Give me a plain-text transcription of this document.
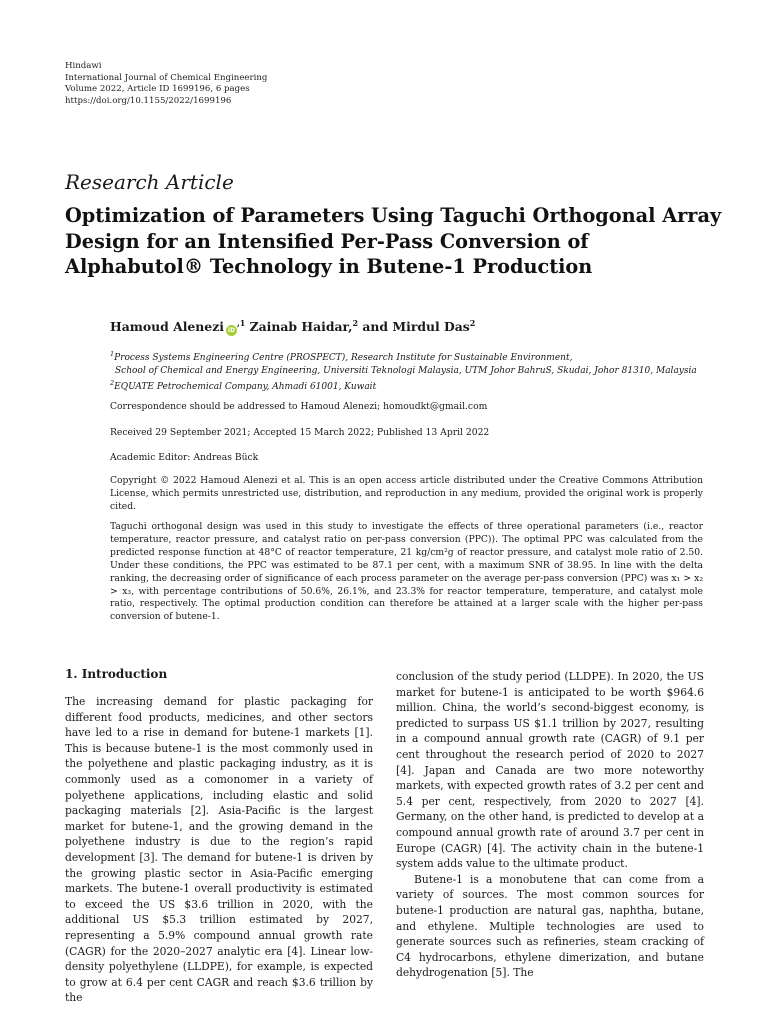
Hindawi
International Journal of Chemical Engineering
Volume 2022, Article ID 1699196, 6 pages
https://doi.org/10.1155/2022/1699196
Research Article
Optimization of Parameters Using Taguchi Orthogonal Array Design for an Intensified Per-Pass Conversion of Alphabutol® Technology in Butene-1 Production
Hamoud Alenezi $iD^{,1}$ Zainab Haidar,$^2$ and Mirdul Das$^2$
$^1$Process Systems Engineering Centre (PROSPECT), Research Institute for Sustainable Environment,
School of Chemical and Energy Engineering, Universiti Teknologi Malaysia, UTM Johor BahruS, Skudai, Johor 81310, Malaysia
$^2$EQUATE Petrochemical Company, Ahmadi 61001, Kuwait
Correspondence should be addressed to Hamoud Alenezi; homoudkt@gmail.com
Received 29 September 2021; Accepted 15 March 2022; Published 13 April 2022
Academic Editor: Andreas Bück
Copyright © 2022 Hamoud Alenezi et al. This is an open access article distributed under the Creative Commons Attribution License, which permits unrestricted use, distribution, and reproduction in any medium, provided the original work is properly cited.
Taguchi orthogonal design was used in this study to investigate the effects of three operational parameters (i.e., reactor temperature, reactor pressure, and catalyst ratio on per-pass conversion (PPC)). The optimal PPC was calculated from the predicted response function at 48°C of reactor temperature, 21 kg/cm²g of reactor pressure, and catalyst mole ratio of 2.50. Under these conditions, the PPC was estimated to be 87.1 per cent, with a maximum SNR of 38.95. In line with the delta ranking, the decreasing order of significance of each process parameter on the average per-pass conversion (PPC) was x₁ > x₂ > x₃, with percentage contributions of 50.6%, 26.1%, and 23.3% for reactor temperature, temperature, and catalyst mole ratio, respectively. The optimal production condition can therefore be attained at a larger scale with the higher per-pass conversion of butene-1.
1. Introduction

The increasing demand for plastic packaging for different food products, medicines, and other sectors have led to a rise in demand for butene-1 markets [1]. This is because butene-1 is the most commonly used in the polyethene and plastic packaging industry, as it is commonly used as a comonomer in a variety of polyethene applications, including elastic and solid packaging materials [2]. Asia-Pacific is the largest market for butene-1, and the growing demand in the polyethene industry is due to the region’s rapid development [3]. The demand for butene-1 is driven by the growing plastic sector in Asia-Pacific emerging markets. The butene-1 overall productivity is estimated to exceed the US $3.6 trillion in 2020, with the additional US $5.3 trillion estimated by 2027, representing a 5.9% compound annual growth rate (CAGR) for the 2020–2027 analytic era [4]. Linear low-density polyethylene (LLDPE), for example, is expected to grow at 6.4 per cent CAGR and reach $3.6 trillion by the

conclusion of the study period (LLDPE). In 2020, the US market for butene-1 is anticipated to be worth $964.6 million. China, the world’s second-biggest economy, is predicted to surpass US $1.1 trillion by 2027, resulting in a compound annual growth rate (CAGR) of 9.1 per cent throughout the research period of 2020 to 2027 [4]. Japan and Canada are two more noteworthy markets, with expected growth rates of 3.2 per cent and 5.4 per cent, respectively, from 2020 to 2027 [4]. Germany, on the other hand, is predicted to develop at a compound annual growth rate of around 3.7 per cent in Europe (CAGR) [4]. The activity chain in the butene-1 system adds value to the ultimate product.

Butene-1 is a monobutene that can come from a variety of sources. The most common sources for butene-1 production are natural gas, naphtha, butane, and ethylene. Multiple technologies are used to generate sources such as refineries, steam cracking of C4 hydrocarbons, ethylene dimerization, and butane dehydrogenation [5]. The
